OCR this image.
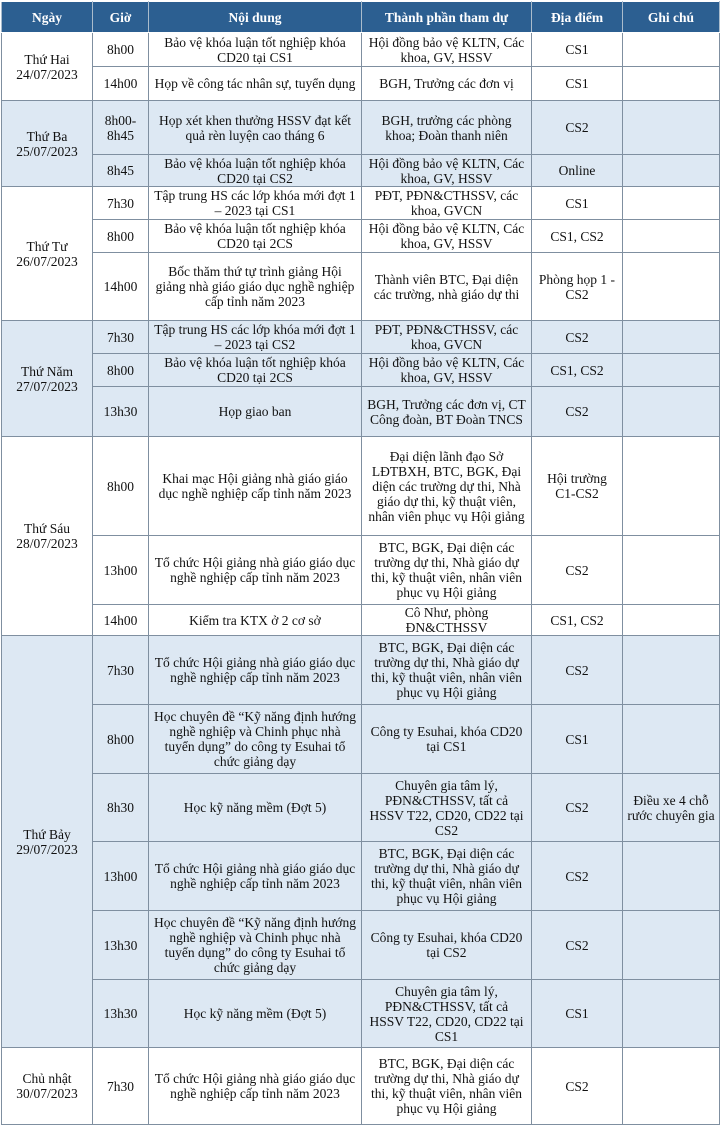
Ngày	Giờ	Nội dung	Thành phần tham dự	Địa điểm	Ghi chú
Thứ Hai
24/07/2023	8h00	Bảo vệ khóa luận tốt nghiệp khóa CD20 tại CS1	Hội đồng bảo vệ KLTN, Các khoa, GV, HSSV	CS1	
	14h00	Họp về công tác nhân sự, tuyển dụng	BGH, Trưởng các đơn vị	CS1	
Thứ Ba
25/07/2023	8h00-8h45	Họp xét khen thưởng HSSV đạt kết quả rèn luyện cao tháng 6	BGH, trưởng các phòng khoa; Đoàn thanh niên	CS2	
	8h45	Bảo vệ khóa luận tốt nghiệp khóa CD20 tại CS2	Hội đồng bảo vệ KLTN, Các khoa, GV, HSSV	Online	
Thứ Tư
26/07/2023	7h30	Tập trung HS các lớp khóa mới đợt 1 – 2023 tại CS1	PĐT, PĐN&CTHSSV, các khoa, GVCN	CS1	
	8h00	Bảo vệ khóa luận tốt nghiệp khóa CD20 tại 2CS	Hội đồng bảo vệ KLTN, Các khoa, GV, HSSV	CS1, CS2	
	14h00	Bốc thăm thứ tự trình giảng Hội giảng nhà giáo giáo dục nghề nghiệp cấp tỉnh năm 2023	Thành viên BTC, Đại diện các trường, nhà giáo dự thi	Phòng họp 1 - CS2	
Thứ Năm
27/07/2023	7h30	Tập trung HS các lớp khóa mới đợt 1 – 2023 tại CS2	PĐT, PĐN&CTHSSV, các khoa, GVCN	CS2	
	8h00	Bảo vệ khóa luận tốt nghiệp khóa CD20 tại 2CS	Hội đồng bảo vệ KLTN, Các khoa, GV, HSSV	CS1, CS2	
	13h30	Họp giao ban	BGH, Trưởng các đơn vị, CT Công đoàn, BT Đoàn TNCS	CS2	
Thứ Sáu
28/07/2023	8h00	Khai mạc Hội giảng nhà giáo giáo dục nghề nghiệp cấp tỉnh năm 2023	Đại diện lãnh đạo Sở LĐTBXH, BTC, BGK, Đại diện các trường dự thi, Nhà giáo dự thi, kỹ thuật viên, nhân viên phục vụ Hội giảng	Hội trường C1-CS2	
	13h00	Tổ chức Hội giảng nhà giáo giáo dục nghề nghiệp cấp tỉnh năm 2023	BTC, BGK, Đại diện các trường dự thi, Nhà giáo dự thi, kỹ thuật viên, nhân viên phục vụ Hội giảng	CS2	
	14h00	Kiểm tra KTX ở 2 cơ sở	Cô Như, phòng ĐN&CTHSSV	CS1, CS2	
Thứ Bảy
29/07/2023	7h30	Tổ chức Hội giảng nhà giáo giáo dục nghề nghiệp cấp tỉnh năm 2023	BTC, BGK, Đại diện các trường dự thi, Nhà giáo dự thi, kỹ thuật viên, nhân viên phục vụ Hội giảng	CS2	
	8h00	Học chuyên đề “Kỹ năng định hướng nghề nghiệp và Chinh phục nhà tuyển dụng” do công ty Esuhai tổ chức giảng dạy	Công ty Esuhai, khóa CD20 tại CS1	CS1	
	8h30	Học kỹ năng mềm (Đợt 5)	Chuyên gia tâm lý, PĐN&CTHSSV, tất cả HSSV T22, CD20, CD22 tại CS2	CS2	Điều xe 4 chỗ rước chuyên gia
	13h00	Tổ chức Hội giảng nhà giáo giáo dục nghề nghiệp cấp tỉnh năm 2023	BTC, BGK, Đại diện các trường dự thi, Nhà giáo dự thi, kỹ thuật viên, nhân viên phục vụ Hội giảng	CS2	
	13h30	Học chuyên đề “Kỹ năng định hướng nghề nghiệp và Chinh phục nhà tuyển dụng” do công ty Esuhai tổ chức giảng dạy	Công ty Esuhai, khóa CD20 tại CS2	CS2	
	13h30	Học kỹ năng mềm (Đợt 5)	Chuyên gia tâm lý, PĐN&CTHSSV, tất cả HSSV T22, CD20, CD22 tại CS1	CS1	
Chủ nhật
30/07/2023	7h30	Tổ chức Hội giảng nhà giáo giáo dục nghề nghiệp cấp tỉnh năm 2023	BTC, BGK, Đại diện các trường dự thi, Nhà giáo dự thi, kỹ thuật viên, nhân viên phục vụ Hội giảng	CS2	
